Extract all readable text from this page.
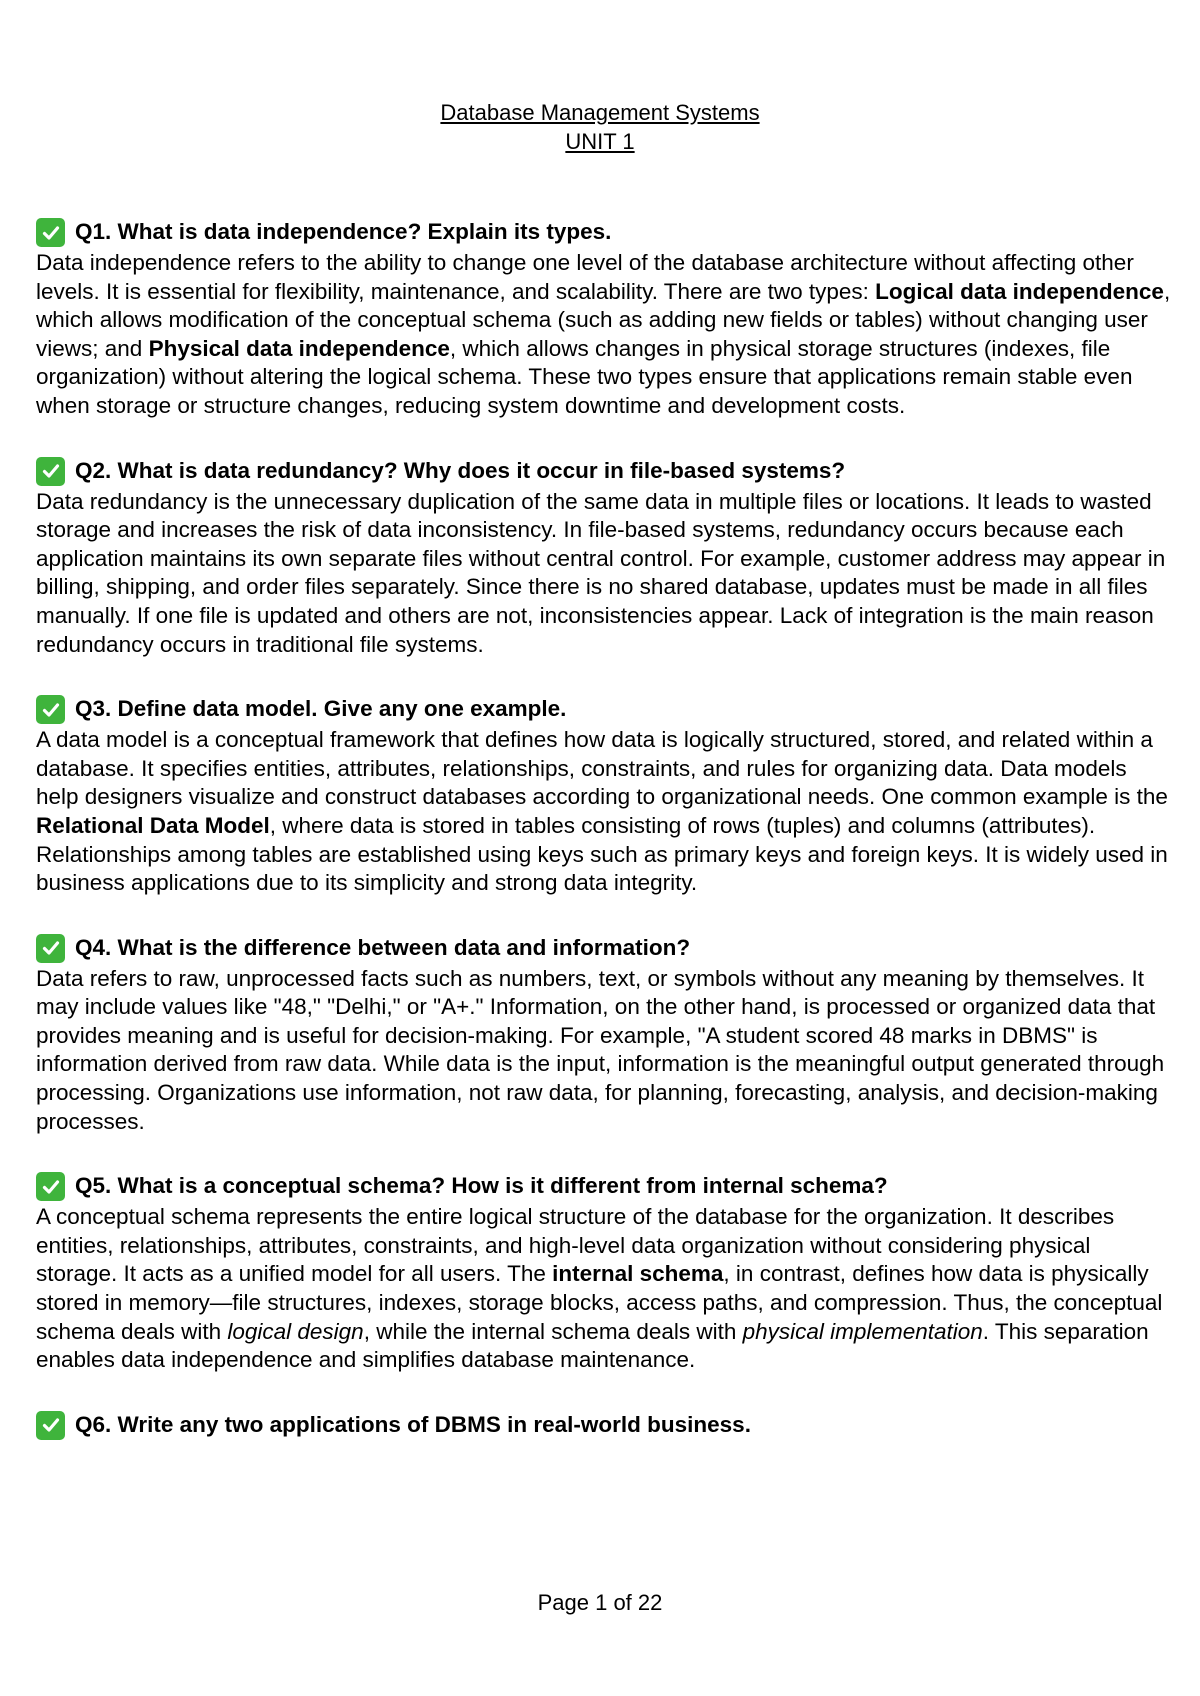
Database Management Systems
UNIT 1
Q1. What is data independence? Explain its types.

Data independence refers to the ability to change one level of the database architecture without affecting other levels. It is essential for flexibility, maintenance, and scalability. There are two types: Logical data independence, which allows modification of the conceptual schema (such as adding new fields or tables) without changing user views; and Physical data independence, which allows changes in physical storage structures (indexes, file organization) without altering the logical schema. These two types ensure that applications remain stable even when storage or structure changes, reducing system downtime and development costs.

Q2. What is data redundancy? Why does it occur in file-based systems?

Data redundancy is the unnecessary duplication of the same data in multiple files or locations. It leads to wasted storage and increases the risk of data inconsistency. In file-based systems, redundancy occurs because each application maintains its own separate files without central control. For example, customer address may appear in billing, shipping, and order files separately. Since there is no shared database, updates must be made in all files manually. If one file is updated and others are not, inconsistencies appear. Lack of integration is the main reason redundancy occurs in traditional file systems.

Q3. Define data model. Give any one example.

A data model is a conceptual framework that defines how data is logically structured, stored, and related within a database. It specifies entities, attributes, relationships, constraints, and rules for organizing data. Data models help designers visualize and construct databases according to organizational needs. One common example is the Relational Data Model, where data is stored in tables consisting of rows (tuples) and columns (attributes). Relationships among tables are established using keys such as primary keys and foreign keys. It is widely used in business applications due to its simplicity and strong data integrity.

Q4. What is the difference between data and information?

Data refers to raw, unprocessed facts such as numbers, text, or symbols without any meaning by themselves. It may include values like "48," "Delhi," or "A+." Information, on the other hand, is processed or organized data that provides meaning and is useful for decision-making. For example, "A student scored 48 marks in DBMS" is information derived from raw data. While data is the input, information is the meaningful output generated through processing. Organizations use information, not raw data, for planning, forecasting, analysis, and decision-making processes.

Q5. What is a conceptual schema? How is it different from internal schema?

A conceptual schema represents the entire logical structure of the database for the organization. It describes entities, relationships, attributes, constraints, and high-level data organization without considering physical storage. It acts as a unified model for all users. The internal schema, in contrast, defines how data is physically stored in memory—file structures, indexes, storage blocks, access paths, and compression. Thus, the conceptual schema deals with logical design, while the internal schema deals with physical implementation. This separation enables data independence and simplifies database maintenance.

Q6. Write any two applications of DBMS in real-world business.
Page 1 of 22
